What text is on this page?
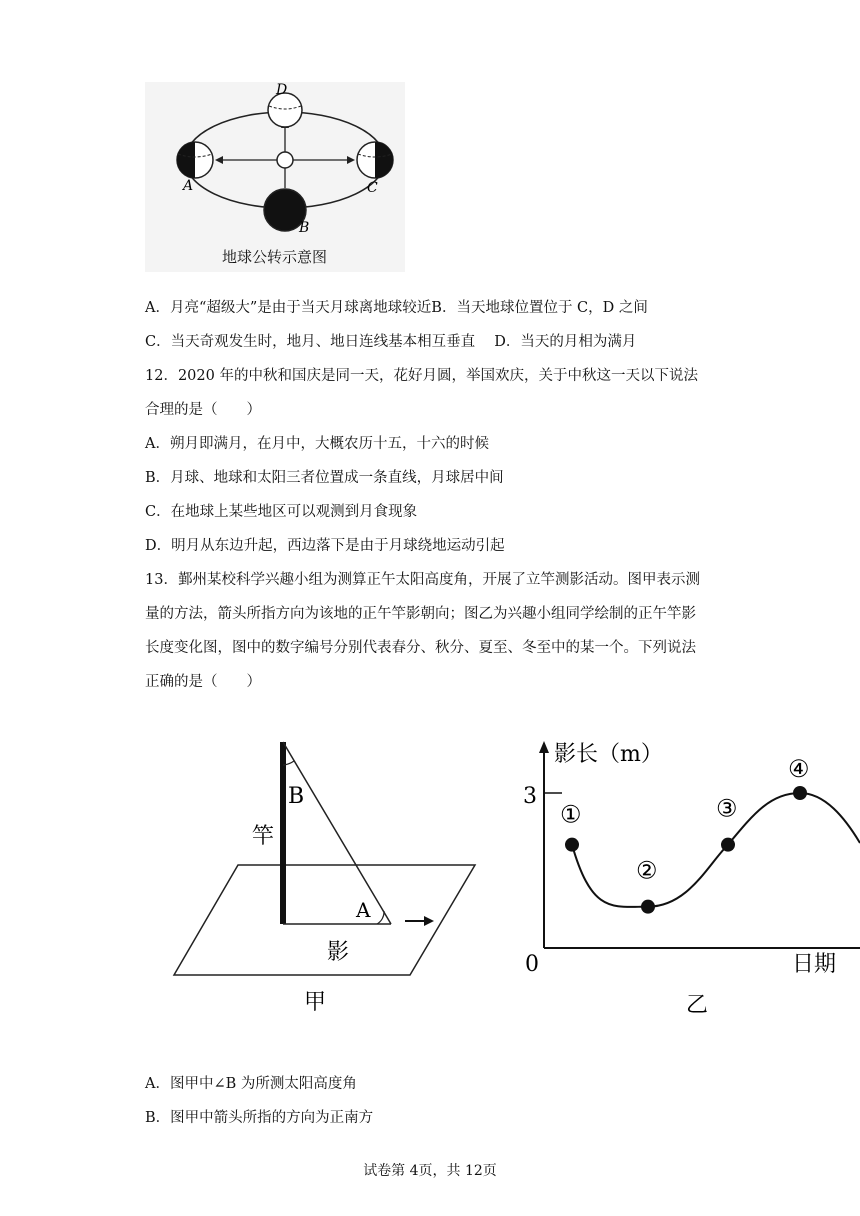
D
A	C
B
地球公转示意图
A．月亮“超级大”是由于当天月球离地球较近B．当天地球位置位于 C，D 之间
C．当天奇观发生时，地月、地日连线基本相互垂直　 D．当天的月相为满月
12．2020 年的中秋和国庆是同一天，花好月圆，举国欢庆，关于中秋这一天以下说法
合理的是（　　）
A．朔月即满月，在月中，大概农历十五，十六的时候
B．月球、地球和太阳三者位置成一条直线，月球居中间
C．在地球上某些地区可以观测到月食现象
D．明月从东边升起，西边落下是由于月球绕地运动引起
13．鄞州某校科学兴趣小组为测算正午太阳高度角，开展了立竿测影活动。图甲表示测
量的方法，箭头所指方向为该地的正午竿影朝向；图乙为兴趣小组同学绘制的正午竿影
长度变化图，图中的数字编号分别代表春分、秋分、夏至、冬至中的某一个。下列说法
正确的是（　　）
竿
B
A
影
甲
3
0
影长（m）
日期
乙
①
②
③
④
A．图甲中∠B 为所测太阳高度角
B．图甲中箭头所指的方向为正南方
试卷第 4页，共 12页
